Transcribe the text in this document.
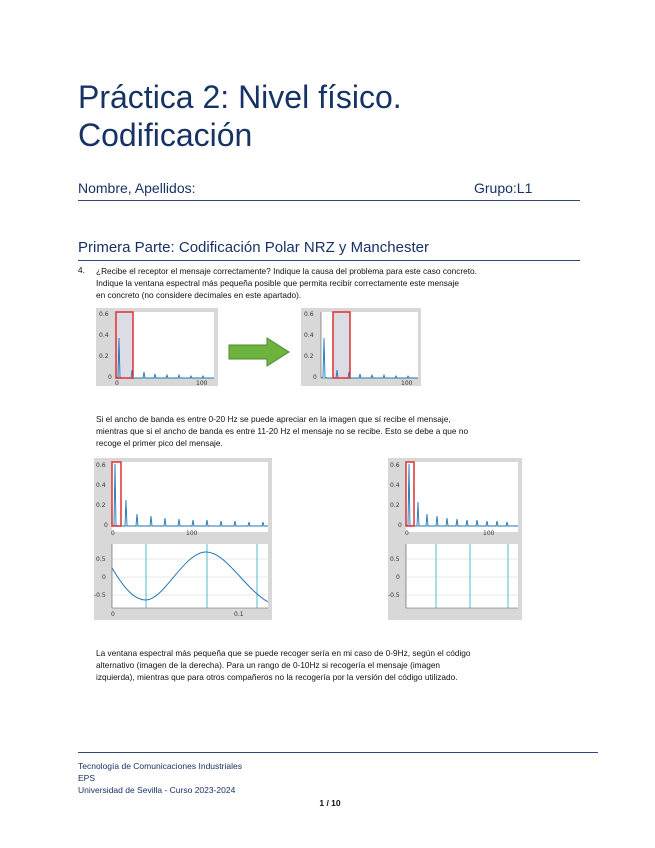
Práctica 2: Nivel físico.
Codificación
Nombre, Apellidos:	Grupo:L1
Primera Parte: Codificación Polar NRZ y Manchester
4. ¿Recibe el receptor el mensaje correctamente? Indique la causa del problema para este caso concreto.
Indique la ventana espectral más pequeña posible que permita recibir correctamente este mensaje
en concreto (no considere decimales en este apartado).
0.6
0.4
0.2
0
0	100
0.6
0.4
0.2
0
100
Si el ancho de banda es entre 0-20 Hz se puede apreciar en la imagen que sí recibe el mensaje,
mientras que si el ancho de banda es entre 11-20 Hz el mensaje no se recibe. Esto se debe a que no
recoge el primer pico del mensaje.
0.6
0.4
0.2
0
0	100
0.5
0
-0.5
0	0.1
0.6
0.4
0.2
0
0	100
0.5
0
-0.5
La ventana espectral más pequeña que se puede recoger sería en mi caso de 0-9Hz, según el código
alternativo (imagen de la derecha). Para un rango de 0-10Hz si recogería el mensaje (imagen
izquierda), mientras que para otros compañeros no la recogería por la versión del código utilizado.
Tecnología de Comunicaciones Industriales
EPS
Universidad de Sevilla - Curso 2023-2024
1 / 10
